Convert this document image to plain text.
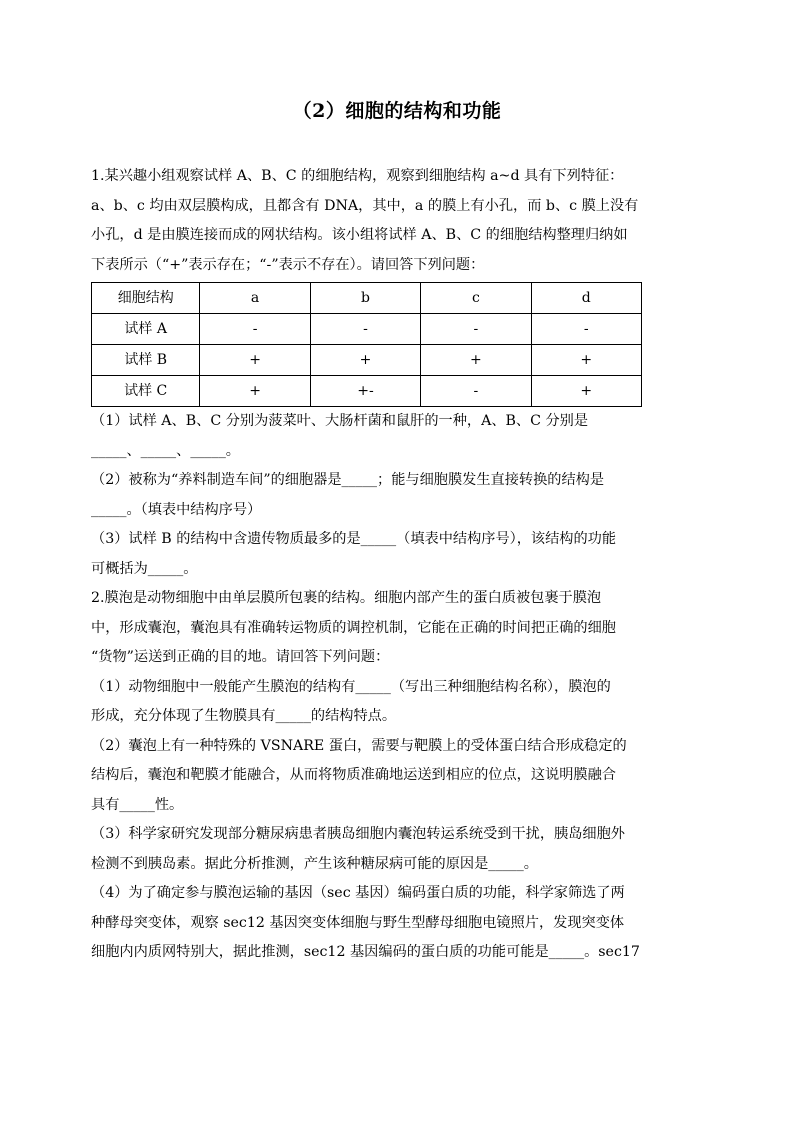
（2）细胞的结构和功能

1.某兴趣小组观察试样 A、B、C 的细胞结构，观察到细胞结构 a~d 具有下列特征：

a、b、c 均由双层膜构成，且都含有 DNA，其中，a 的膜上有小孔，而 b、c 膜上没有

小孔，d 是由膜连接而成的网状结构。该小组将试样 A、B、C 的细胞结构整理归纳如

下表所示（“+”表示存在；“-”表示不存在）。请回答下列问题：

细胞结构	a	b	c	d
试样 A	-	-	-	-
试样 B	+	+	+	+
试样 C	+	+-	-	+

（1）试样 A、B、C 分别为菠菜叶、大肠杆菌和鼠肝的一种，A、B、C 分别是

_____、_____、_____。

（2）被称为“养料制造车间”的细胞器是_____；能与细胞膜发生直接转换的结构是

_____。（填表中结构序号）

（3）试样 B 的结构中含遗传物质最多的是_____（填表中结构序号），该结构的功能

可概括为_____。

2.膜泡是动物细胞中由单层膜所包裹的结构。细胞内部产生的蛋白质被包裹于膜泡

中，形成囊泡，囊泡具有准确转运物质的调控机制，它能在正确的时间把正确的细胞

“货物”运送到正确的目的地。请回答下列问题：

（1）动物细胞中一般能产生膜泡的结构有_____（写出三种细胞结构名称），膜泡的

形成，充分体现了生物膜具有_____的结构特点。

（2）囊泡上有一种特殊的 VSNARE 蛋白，需要与靶膜上的受体蛋白结合形成稳定的

结构后，囊泡和靶膜才能融合，从而将物质准确地运送到相应的位点，这说明膜融合

具有_____性。

（3）科学家研究发现部分糖尿病患者胰岛细胞内囊泡转运系统受到干扰，胰岛细胞外

检测不到胰岛素。据此分析推测，产生该种糖尿病可能的原因是_____。

（4）为了确定参与膜泡运输的基因（sec 基因）编码蛋白质的功能，科学家筛选了两

种酵母突变体，观察 sec12 基因突变体细胞与野生型酵母细胞电镜照片，发现突变体

细胞内内质网特别大，据此推测，sec12 基因编码的蛋白质的功能可能是_____。sec17
